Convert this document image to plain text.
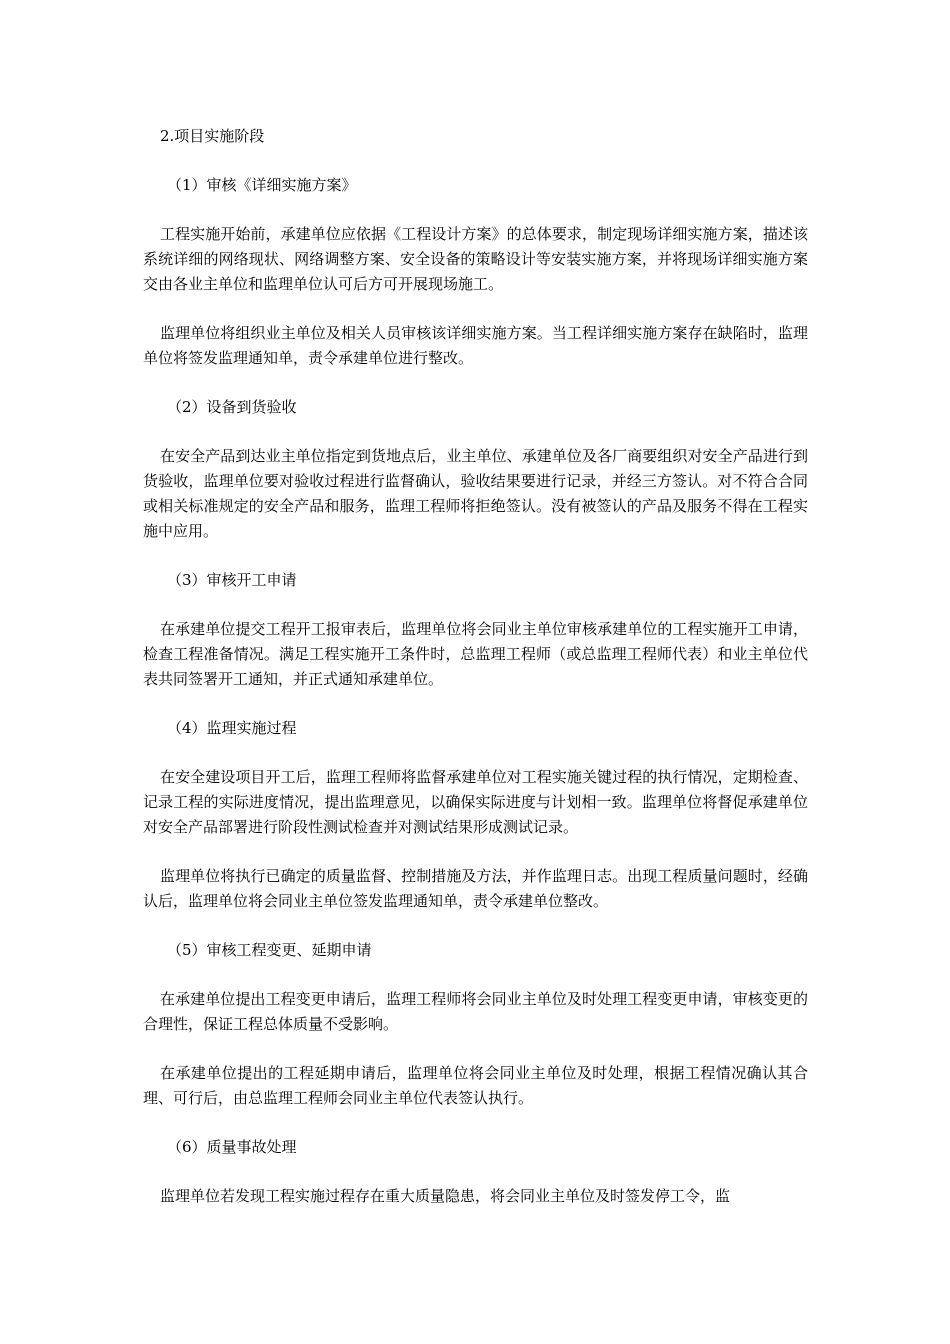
2.项目实施阶段

（1）审核《详细实施方案》

工程实施开始前，承建单位应依据《工程设计方案》的总体要求，制定现场详细实施方案，描述该系统详细的网络现状、网络调整方案、安全设备的策略设计等安装实施方案，并将现场详细实施方案交由各业主单位和监理单位认可后方可开展现场施工。

监理单位将组织业主单位及相关人员审核该详细实施方案。当工程详细实施方案存在缺陷时，监理单位将签发监理通知单，责令承建单位进行整改。

（2）设备到货验收

在安全产品到达业主单位指定到货地点后，业主单位、承建单位及各厂商要组织对安全产品进行到货验收，监理单位要对验收过程进行监督确认，验收结果要进行记录，并经三方签认。对不符合合同或相关标准规定的安全产品和服务，监理工程师将拒绝签认。没有被签认的产品及服务不得在工程实施中应用。

（3）审核开工申请

在承建单位提交工程开工报审表后，监理单位将会同业主单位审核承建单位的工程实施开工申请，检查工程准备情况。满足工程实施开工条件时，总监理工程师（或总监理工程师代表）和业主单位代表共同签署开工通知，并正式通知承建单位。

（4）监理实施过程

在安全建设项目开工后，监理工程师将监督承建单位对工程实施关键过程的执行情况，定期检查、记录工程的实际进度情况，提出监理意见，以确保实际进度与计划相一致。监理单位将督促承建单位对安全产品部署进行阶段性测试检查并对测试结果形成测试记录。

监理单位将执行已确定的质量监督、控制措施及方法，并作监理日志。出现工程质量问题时，经确认后，监理单位将会同业主单位签发监理通知单，责令承建单位整改。

（5）审核工程变更、延期申请

在承建单位提出工程变更申请后，监理工程师将会同业主单位及时处理工程变更申请，审核变更的合理性，保证工程总体质量不受影响。

在承建单位提出的工程延期申请后，监理单位将会同业主单位及时处理，根据工程情况确认其合理、可行后，由总监理工程师会同业主单位代表签认执行。

（6）质量事故处理

监理单位若发现工程实施过程存在重大质量隐患，将会同业主单位及时签发停工令，监
